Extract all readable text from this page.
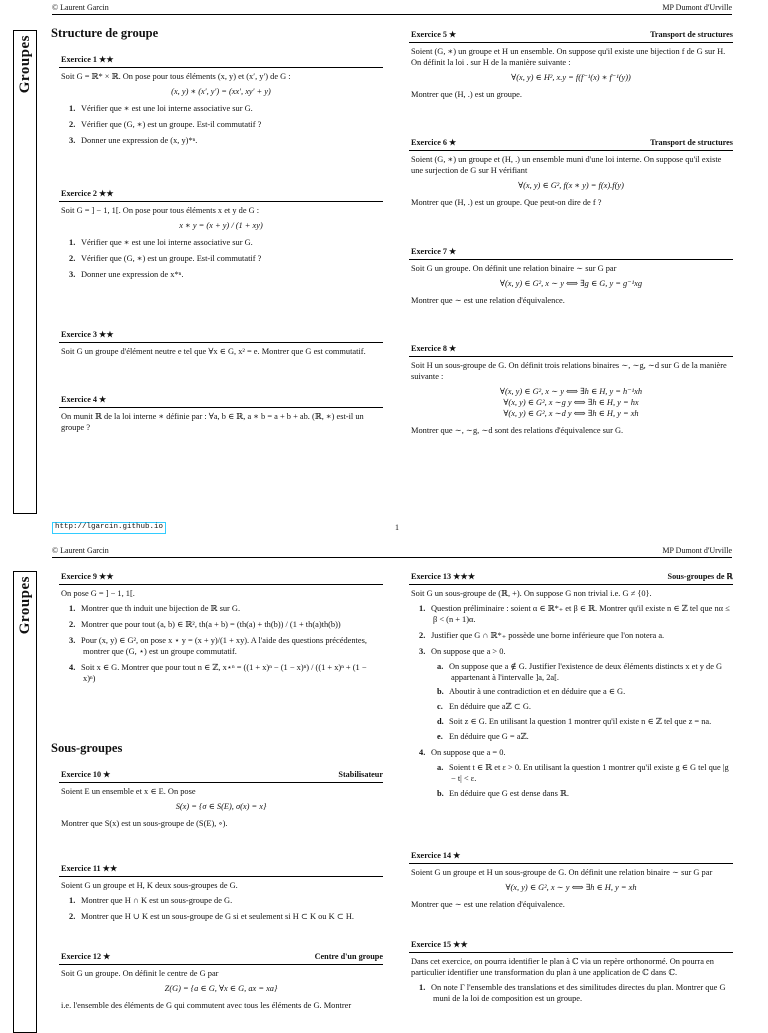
© Laurent Garcin	MP Dumont d'Urville
Groupes
Structure de groupe
Exercice 1 ★★

Soit G = ℝ* × ℝ. On pose pour tous éléments (x, y) et (x′, y′) de G :

(x, y) ∗ (x′, y′) = (xx′, xy′ + y)
1. Vérifier que ∗ est une loi interne associative sur G.
2. Vérifier que (G, ∗) est un groupe. Est-il commutatif ?
3. Donner une expression de (x, y)*ⁿ.
Exercice 2 ★★

Soit G = ] − 1, 1[. On pose pour tous éléments x et y de G :

x ∗ y = (x + y) / (1 + xy)
1. Vérifier que ∗ est une loi interne associative sur G.
2. Vérifier que (G, ∗) est un groupe. Est-il commutatif ?
3. Donner une expression de x*ⁿ.
Exercice 3 ★★

Soit G un groupe d'élément neutre e tel que ∀x ∈ G, x² = e. Montrer que G est commutatif.

Exercice 4 ★

On munit ℝ de la loi interne ∗ définie par : ∀a, b ∈ ℝ, a ∗ b = a + b + ab. (ℝ, ∗) est-il un groupe ?

Exercice 5 ★	Transport de structures

Soient (G, ∗) un groupe et H un ensemble. On suppose qu'il existe une bijection f de G sur H. On définit la loi . sur H de la manière suivante :

∀(x, y) ∈ H², x.y = f(f⁻¹(x) ∗ f⁻¹(y))

Montrer que (H, .) est un groupe.

Exercice 6 ★	Transport de structures

Soient (G, ∗) un groupe et (H, .) un ensemble muni d'une loi interne. On suppose qu'il existe une surjection de G sur H vérifiant

∀(x, y) ∈ G², f(x ∗ y) = f(x).f(y)

Montrer que (H, .) est un groupe. Que peut-on dire de f ?

Exercice 7 ★

Soit G un groupe. On définit une relation binaire ∼ sur G par

∀(x, y) ∈ G², x ∼ y ⟺ ∃g ∈ G, y = g⁻¹xg

Montrer que ∼ est une relation d'équivalence.

Exercice 8 ★

Soit H un sous-groupe de G. On définit trois relations binaires ∼, ∼g, ∼d sur G de la manière suivante :

∀(x, y) ∈ G², x ∼ y ⟺ ∃h ∈ H, y = h⁻¹xh
∀(x, y) ∈ G², x ∼g y ⟺ ∃h ∈ H, y = hx
∀(x, y) ∈ G², x ∼d y ⟺ ∃h ∈ H, y = xh

Montrer que ∼, ∼g, ∼d sont des relations d'équivalence sur G.

http://lgarcin.github.io	1
© Laurent Garcin	MP Dumont d'Urville
Groupes	Exercice 9 ★★

On pose G = ] − 1, 1[.

1. Montrer que th induit une bijection de ℝ sur G.
2. Montrer que pour tout (a, b) ∈ ℝ², th(a + b) = (th(a) + th(b)) / (1 + th(a)th(b))
3. Pour (x, y) ∈ G², on pose x ⋆ y = (x + y)/(1 + xy). A l'aide des questions précédentes, montrer que (G, ⋆) est un groupe commutatif.
4. Soit x ∈ G. Montrer que pour tout n ∈ ℤ, x⋆ⁿ = ((1 + x)ⁿ − (1 − x)ⁿ) / ((1 + x)ⁿ + (1 − x)ⁿ)
Sous-groupes
Exercice 10 ★	Stabilisateur

Soient E un ensemble et x ∈ E. On pose

S(x) = {σ ∈ S(E), σ(x) = x}

Montrer que S(x) est un sous-groupe de (S(E), ∘).

Exercice 11 ★★

Soient G un groupe et H, K deux sous-groupes de G.

1. Montrer que H ∩ K est un sous-groupe de G.
2. Montrer que H ∪ K est un sous-groupe de G si et seulement si H ⊂ K ou K ⊂ H.
Exercice 12 ★	Centre d'un groupe

Soit G un groupe. On définit le centre de G par

Z(G) = {a ∈ G, ∀x ∈ G, ax = xa}

i.e. l'ensemble des éléments de G qui commutent avec tous les éléments de G. Montrer

Exercice 13 ★★★	Sous-groupes de ℝ

Soit G un sous-groupe de (ℝ, +). On suppose G non trivial i.e. G ≠ {0}.

1. Question préliminaire : soient α ∈ ℝ*₊ et β ∈ ℝ. Montrer qu'il existe n ∈ ℤ tel que nα ≤ β < (n + 1)α.
2. Justifier que G ∩ ℝ*₊ possède une borne inférieure que l'on notera a.
3. On suppose que a > 0.
a. On suppose que a ∉ G. Justifier l'existence de deux éléments distincts x et y de G appartenant à l'intervalle ]a, 2a[.
b. Aboutir à une contradiction et en déduire que a ∈ G.
c. En déduire que aℤ ⊂ G.
d. Soit z ∈ G. En utilisant la question 1 montrer qu'il existe n ∈ ℤ tel que z = na.
e. En déduire que G = aℤ.
4. On suppose que a = 0.
a. Soient t ∈ ℝ et ε > 0. En utilisant la question 1 montrer qu'il existe g ∈ G tel que |g − t| < ε.
b. En déduire que G est dense dans ℝ.
Exercice 14 ★

Soient G un groupe et H un sous-groupe de G. On définit une relation binaire ∼ sur G par

∀(x, y) ∈ G², x ∼ y ⟺ ∃h ∈ H, y = xh

Montrer que ∼ est une relation d'équivalence.

Exercice 15 ★★

Dans cet exercice, on pourra identifier le plan à ℂ via un repère orthonormé. On pourra en particulier identifier une transformation du plan à une application de ℂ dans ℂ.

1. On note Γ l'ensemble des translations et des similitudes directes du plan. Montrer que G muni de la loi de composition est un groupe.
